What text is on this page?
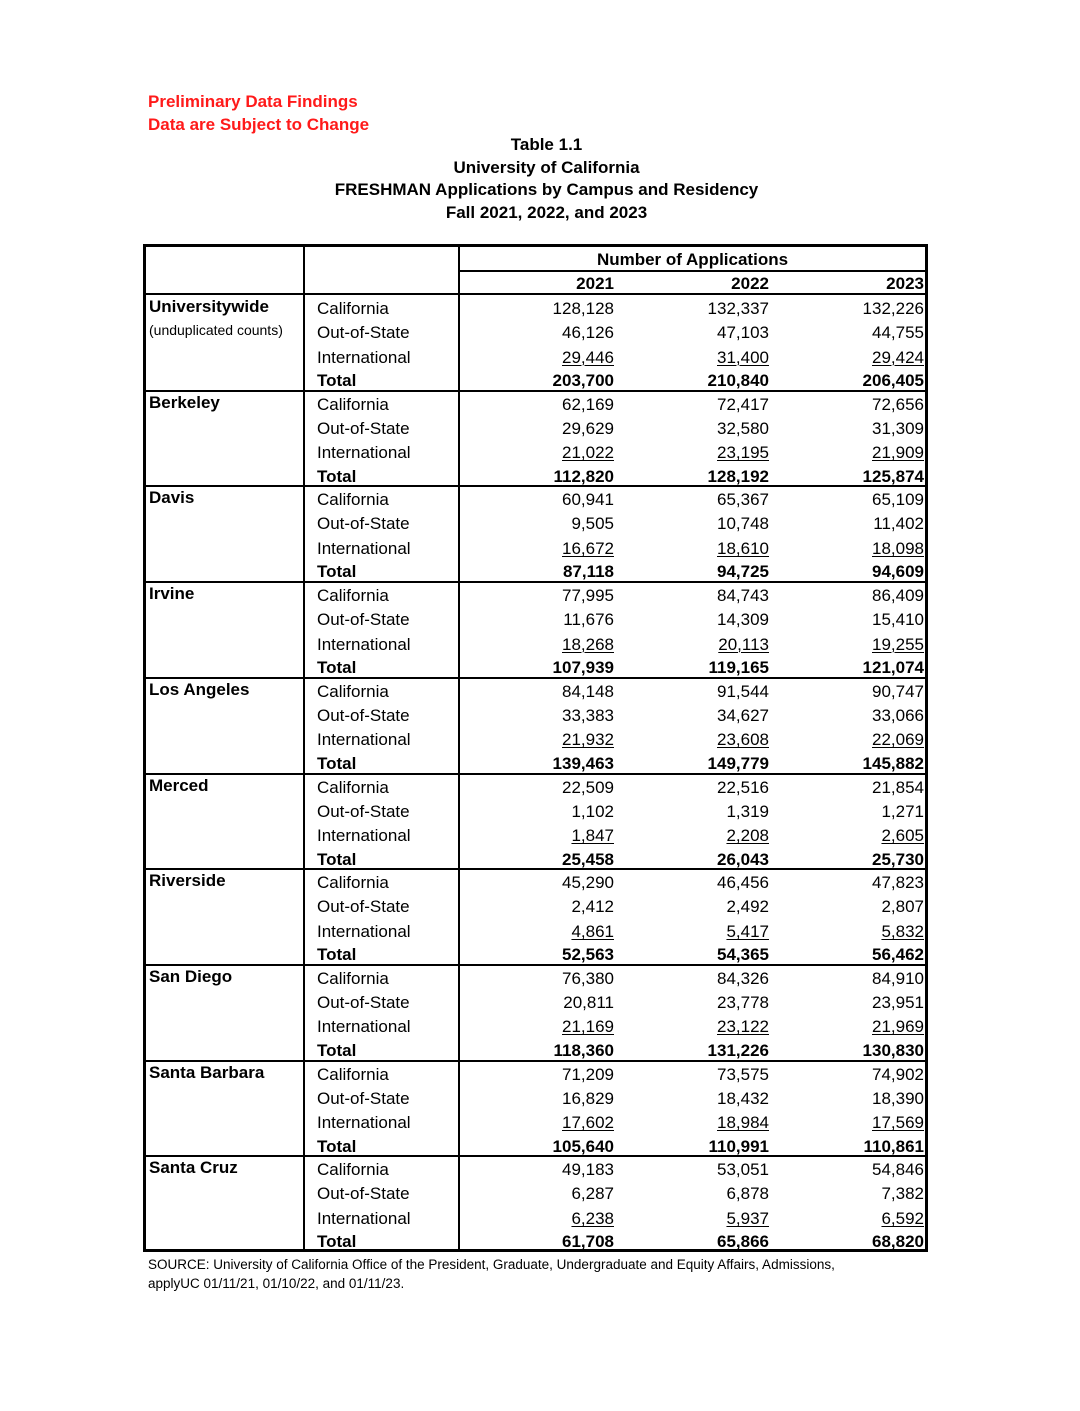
Preliminary Data Findings
Data are Subject to Change
Table 1.1
University of California
FRESHMAN Applications by Campus and Residency
Fall 2021, 2022, and 2023
Number of Applications
2021	2022	2023
Universitywide
(unduplicated counts)
California	128,128	132,337	132,226
Out-of-State	46,126	47,103	44,755
International	29,446	31,400	29,424
Total	203,700	210,840	206,405
Berkeley	California	62,169	72,417	72,656
Out-of-State	29,629	32,580	31,309
International	21,022	23,195	21,909
Total	112,820	128,192	125,874
Davis	California	60,941	65,367	65,109
Out-of-State	9,505	10,748	11,402
International	16,672	18,610	18,098
Total	87,118	94,725	94,609
Irvine	California	77,995	84,743	86,409
Out-of-State	11,676	14,309	15,410
International	18,268	20,113	19,255
Total	107,939	119,165	121,074
Los Angeles	California	84,148	91,544	90,747
Out-of-State	33,383	34,627	33,066
International	21,932	23,608	22,069
Total	139,463	149,779	145,882
Merced	California	22,509	22,516	21,854
Out-of-State	1,102	1,319	1,271
International	1,847	2,208	2,605
Total	25,458	26,043	25,730
Riverside	California	45,290	46,456	47,823
Out-of-State	2,412	2,492	2,807
International	4,861	5,417	5,832
Total	52,563	54,365	56,462
San Diego	California	76,380	84,326	84,910
Out-of-State	20,811	23,778	23,951
International	21,169	23,122	21,969
Total	118,360	131,226	130,830
Santa Barbara	California	71,209	73,575	74,902
Out-of-State	16,829	18,432	18,390
International	17,602	18,984	17,569
Total	105,640	110,991	110,861
Santa Cruz	California	49,183	53,051	54,846
Out-of-State	6,287	6,878	7,382
International	6,238	5,937	6,592
Total	61,708	65,866	68,820
SOURCE: University of California Office of the President, Graduate, Undergraduate and Equity Affairs, Admissions,
applyUC 01/11/21, 01/10/22, and 01/11/23.
